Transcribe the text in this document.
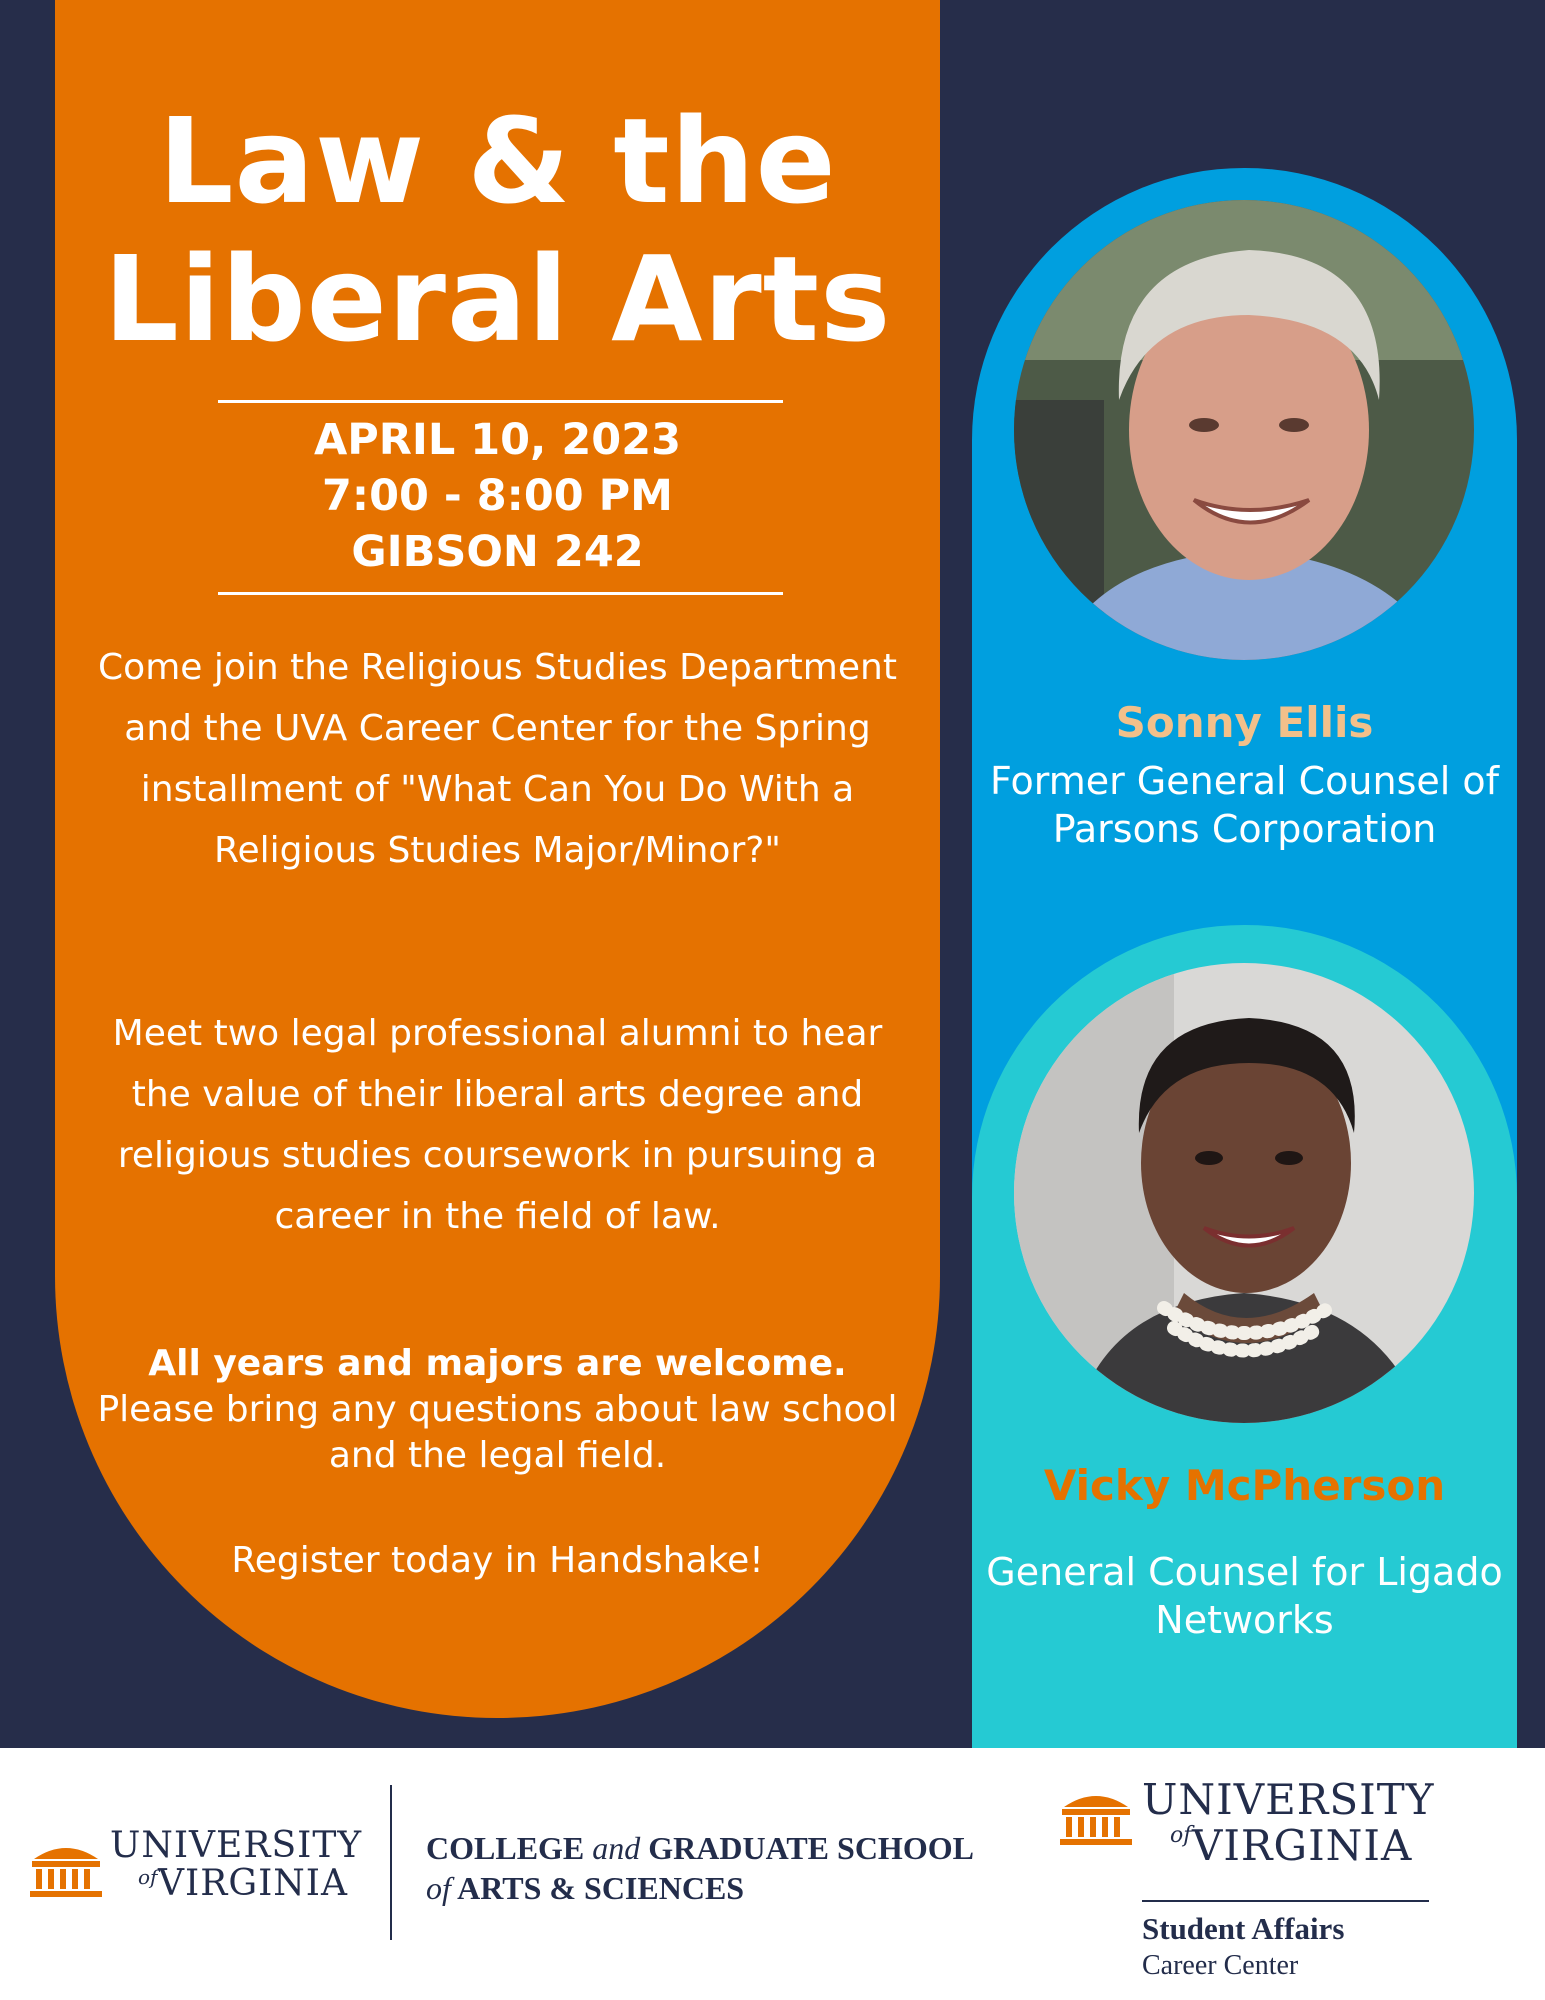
Law & the
Liberal Arts
APRIL 10, 2023
7:00 - 8:00 PM
GIBSON 242
Come join the Religious Studies Department and the UVA Career Center for the Spring installment of "What Can You Do With a Religious Studies Major/Minor?"
Meet two legal professional alumni to hear the value of their liberal arts degree and religious studies coursework in pursuing a career in the field of law.
All years and majors are welcome.
Please bring any questions about law school and the legal field.
Register today in Handshake!
Sonny Ellis
Former General Counsel of Parsons Corporation
Vicky McPherson
General Counsel for Ligado Networks
UNIVERSITY
of VIRGINIA
COLLEGE and GRADUATE SCHOOL
of ARTS & SCIENCES
UNIVERSITY
of VIRGINIA
Student Affairs
Career Center
